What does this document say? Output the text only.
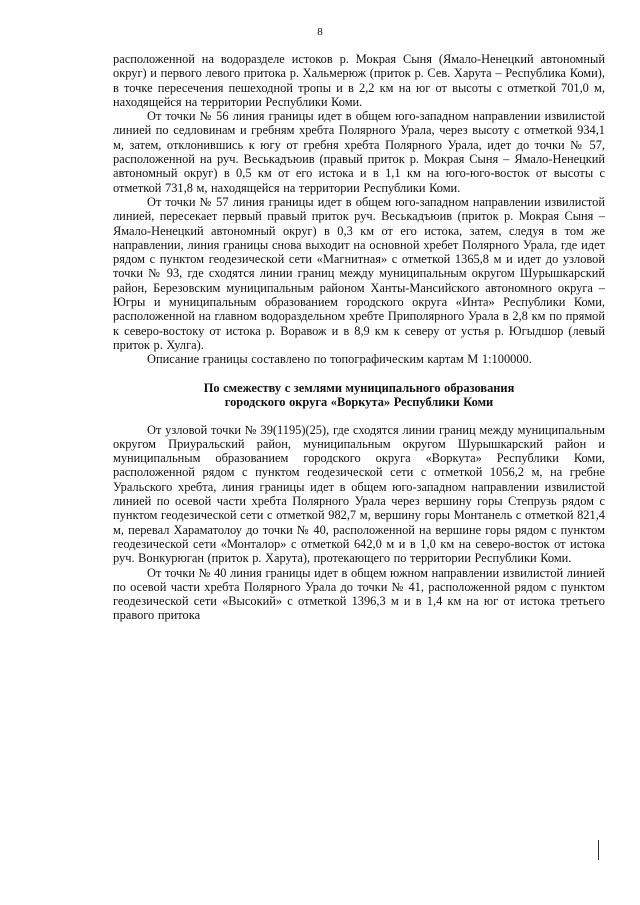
8

расположенной на водоразделе истоков р. Мокрая Сыня (Ямало-Ненецкий автономный округ) и первого левого притока р. Хальмерюж (приток р. Сев. Харута – Республика Коми), в точке пересечения пешеходной тропы и в 2,2 км на юг от высоты с отметкой 701,0 м, находящейся на территории Республики Коми.

От точки № 56 линия границы идет в общем юго-западном направлении извилистой линией по седловинам и гребням хребта Полярного Урала, через высоту с отметкой 934,1 м, затем, отклонившись к югу от гребня хребта Полярного Урала, идет до точки № 57, расположенной на руч. Веськадъюив (правый приток р. Мокрая Сыня – Ямало-Ненецкий автономный округ) в 0,5 км от его истока и в 1,1 км на юго-юго-восток от высоты с отметкой 731,8 м, находящейся на территории Республики Коми.

От точки № 57 линия границы идет в общем юго-западном направлении извилистой линией, пересекает первый правый приток руч. Веськадъюив (приток р. Мокрая Сыня – Ямало-Ненецкий автономный округ) в 0,3 км от его истока, затем, следуя в том же направлении, линия границы снова выходит на основной хребет Полярного Урала, где идет рядом с пунктом геодезической сети «Магнитная» с отметкой 1365,8 м и идет до узловой точки № 93, где сходятся линии границ между муниципальным округом Шурышкарский район, Березовским муниципальным районом Ханты-Мансийского автономного округа – Югры и муниципальным образованием городского округа «Инта» Республики Коми, расположенной на главном водораздельном хребте Приполярного Урала в 2,8 км по прямой к северо-востоку от истока р. Воравож и в 8,9 км к северу от устья р. Югыдшор (левый приток р. Хулга).

Описание границы составлено по топографическим картам М 1:100000.

По смежеству с землями муниципального образования
городского округа «Воркута» Республики Коми

От узловой точки № 39(1195)(25), где сходятся линии границ между муниципальным округом Приуральский район, муниципальным округом Шурышкарский район и муниципальным образованием городского округа «Воркута» Республики Коми, расположенной рядом с пунктом геодезической сети с отметкой 1056,2 м, на гребне Уральского хребта, линия границы идет в общем юго-западном направлении извилистой линией по осевой части хребта Полярного Урала через вершину горы Степрузь рядом с пунктом геодезической сети с отметкой 982,7 м, вершину горы Монтанель с отметкой 821,4 м, перевал Хараматолоу до точки № 40, расположенной на вершине горы рядом с пунктом геодезической сети «Монталор» с отметкой 642,0 м и в 1,0 км на северо-восток от истока руч. Вонкурюган (приток р. Харута), протекающего по территории Республики Коми.

От точки № 40 линия границы идет в общем южном направлении извилистой линией по осевой части хребта Полярного Урала до точки № 41, расположенной рядом с пунктом геодезической сети «Высокий» с отметкой 1396,3 м и в 1,4 км на юг от истока третьего правого притока
